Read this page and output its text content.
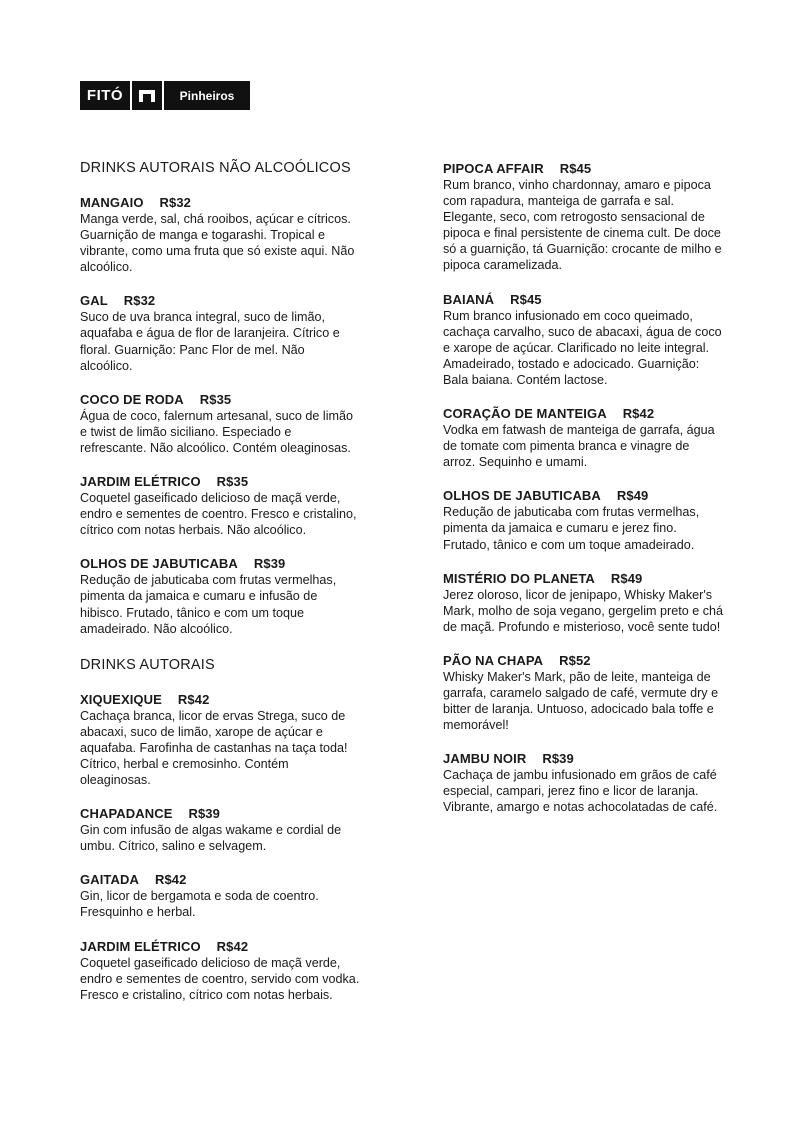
FITÓ	Pinheiros
DRINKS AUTORAIS NÃO ALCOÓLICOS
MANGAIO R$32

Manga verde, sal, chá rooibos, açúcar e cítricos. Guarnição de manga e togarashi. Tropical e vibrante, como uma fruta que só existe aqui. Não alcoólico.

GAL R$32

Suco de uva branca integral, suco de limão, aquafaba e água de flor de laranjeira. Cítrico e floral. Guarnição: Panc Flor de mel. Não alcoólico.

COCO DE RODA R$35

Água de coco, falernum artesanal, suco de limão e twist de limão siciliano. Especiado e refrescante. Não alcoólico. Contém oleaginosas.

JARDIM ELÉTRICO R$35

Coquetel gaseificado delicioso de maçã verde, endro e sementes de coentro. Fresco e cristalino, cítrico com notas herbais. Não alcoólico.

OLHOS DE JABUTICABA R$39

Redução de jabuticaba com frutas vermelhas, pimenta da jamaica e cumaru e infusão de hibisco. Frutado, tânico e com um toque amadeirado. Não alcoólico.

DRINKS AUTORAIS
XIQUEXIQUE R$42

Cachaça branca, licor de ervas Strega, suco de abacaxi, suco de limão, xarope de açúcar e aquafaba. Farofinha de castanhas na taça toda! Cítrico, herbal e cremosinho. Contém oleaginosas.

CHAPADANCE R$39

Gin com infusão de algas wakame e cordial de umbu. Cítrico, salino e selvagem.

GAITADA R$42

Gin, licor de bergamota e soda de coentro. Fresquinho e herbal.

JARDIM ELÉTRICO R$42

Coquetel gaseificado delicioso de maçã verde, endro e sementes de coentro, servido com vodka. Fresco e cristalino, cítrico com notas herbais.

PIPOCA AFFAIR R$45

Rum branco, vinho chardonnay, amaro e pipoca com rapadura, manteiga de garrafa e sal. Elegante, seco, com retrogosto sensacional de pipoca e final persistente de cinema cult. De doce só a guarnição, tá Guarnição: crocante de milho e pipoca caramelizada.

BAIANÁ R$45

Rum branco infusionado em coco queimado, cachaça carvalho, suco de abacaxi, água de coco e xarope de açúcar. Clarificado no leite integral. Amadeirado, tostado e adocicado. Guarnição: Bala baiana. Contém lactose.

CORAÇÃO DE MANTEIGA R$42

Vodka em fatwash de manteiga de garrafa, água de tomate com pimenta branca e vinagre de arroz. Sequinho e umami.

OLHOS DE JABUTICABA R$49

Redução de jabuticaba com frutas vermelhas, pimenta da jamaica e cumaru e jerez fino. Frutado, tânico e com um toque amadeirado.

MISTÉRIO DO PLANETA R$49

Jerez oloroso, licor de jenipapo, Whisky Maker's Mark, molho de soja vegano, gergelim preto e chá de maçã. Profundo e misterioso, você sente tudo!

PÃO NA CHAPA R$52

Whisky Maker's Mark, pão de leite, manteiga de garrafa, caramelo salgado de café, vermute dry e bitter de laranja. Untuoso, adocicado bala toffe e memorável!

JAMBU NOIR R$39

Cachaça de jambu infusionado em grãos de café especial, campari, jerez fino e licor de laranja. Vibrante, amargo e notas achocolatadas de café.
